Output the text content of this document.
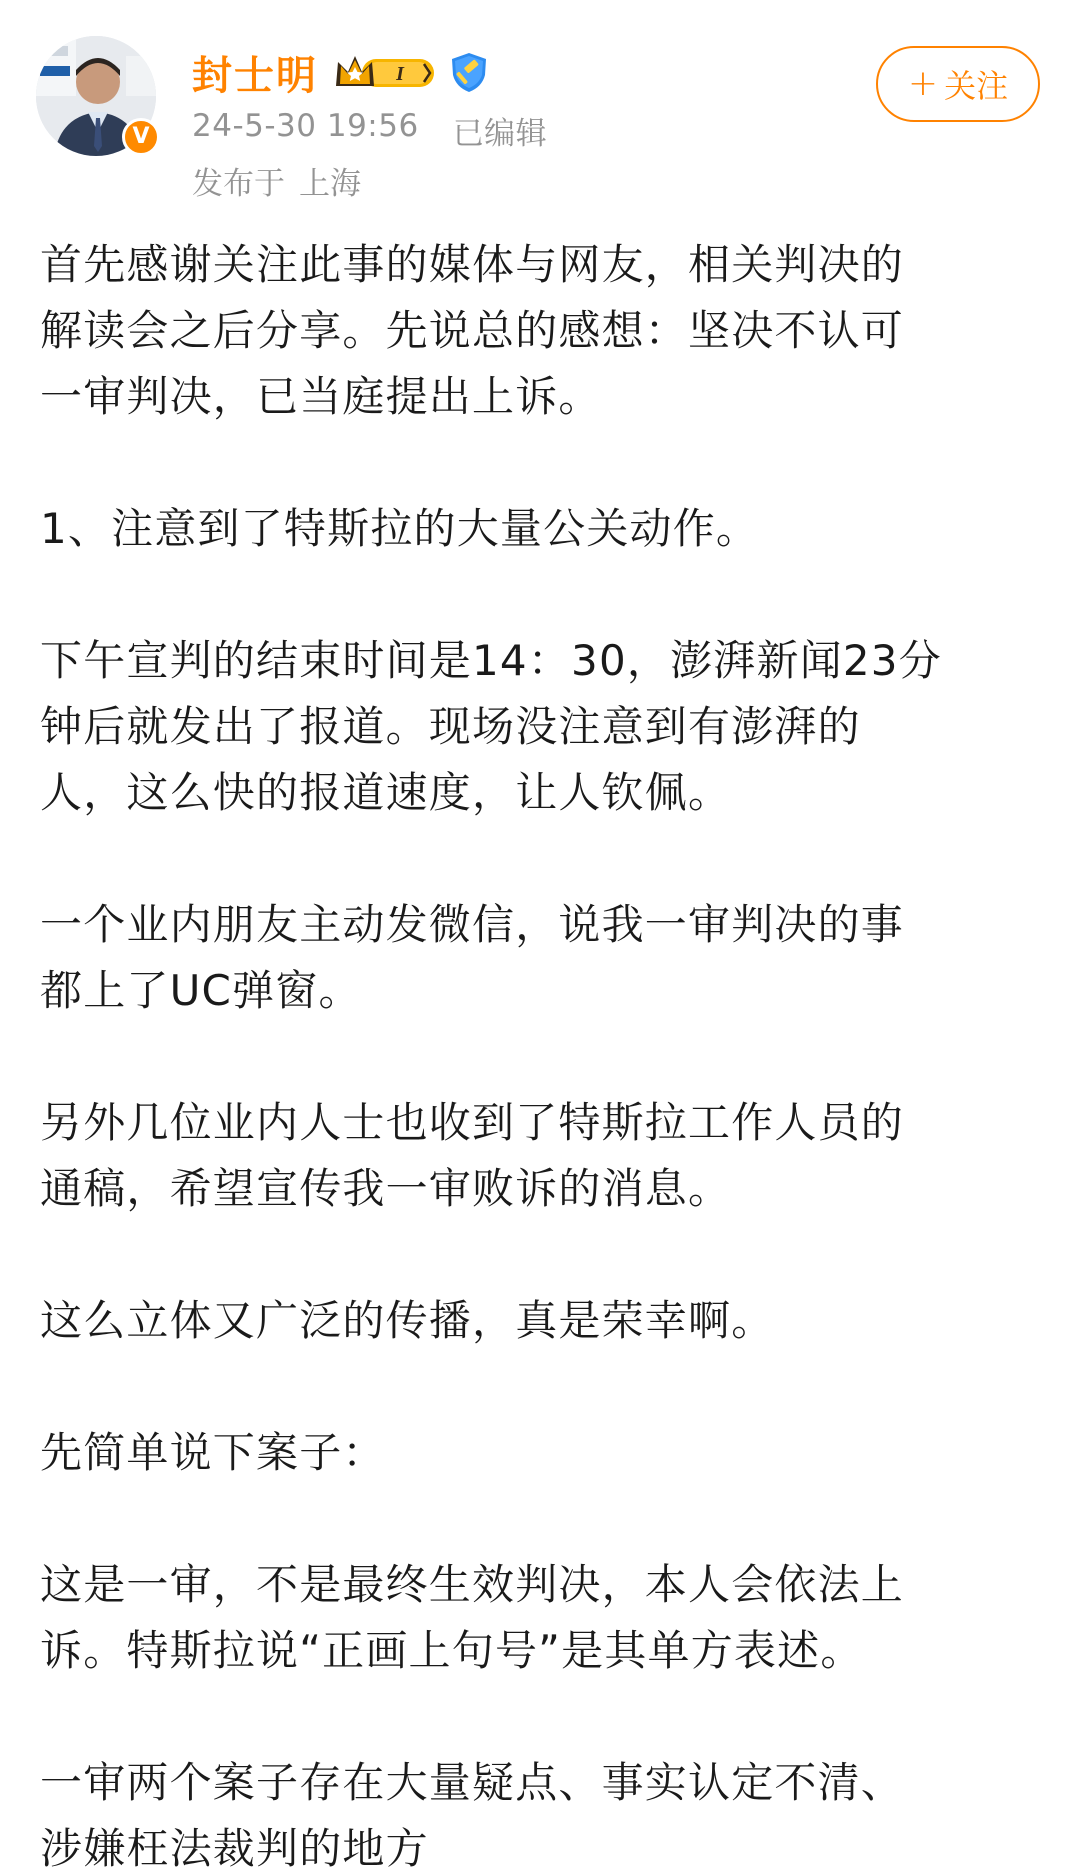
V
封士明	I
24-5-30 19:56 已编辑
发布于 上海
+ 关注

首先感谢关注此事的媒体与网友，相关判决的
解读会之后分享。先说总的感想：坚决不认可
一审判决，已当庭提出上诉。

1、注意到了特斯拉的大量公关动作。

下午宣判的结束时间是14：30，澎湃新闻23分
钟后就发出了报道。现场没注意到有澎湃的
人，这么快的报道速度，让人钦佩。

一个业内朋友主动发微信，说我一审判决的事
都上了UC弹窗。

另外几位业内人士也收到了特斯拉工作人员的
通稿，希望宣传我一审败诉的消息。

这么立体又广泛的传播，真是荣幸啊。

先简单说下案子：

这是一审，不是最终生效判决，本人会依法上
诉。特斯拉说“正画上句号”是其单方表述。

一审两个案子存在大量疑点、事实认定不清、
涉嫌枉法裁判的地方
